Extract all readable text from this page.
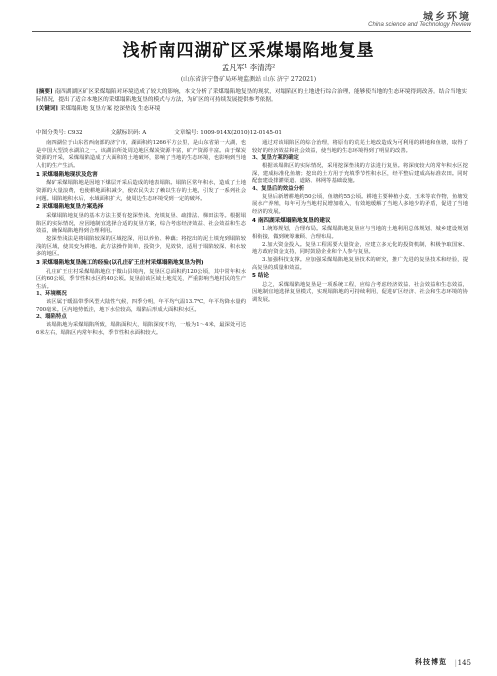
城乡环境
China science and Technology Review
浅析南四湖矿区采煤塌陷地复垦
孟凡军¹ 李清涛²
(山东省济宁鲁矿局环境监测站 山东 济宁 272021)
[摘要] 南四湖湖区矿区采煤塌陷对环境造成了较大的影响，本文分析了采煤塌陷地复垦的现状，对塌陷区的土地进行综合治理，能够使当地的生态环境得到改善。结合当地实际情况，提出了适合本地区的采煤塌陷地复垦的模式与方法，为矿区的可持续发展提供参考依据。
[关键词] 采煤塌陷地 复垦方案 挖深垫浅 生态环境
中图分类号: C932	文献标识码: A	文章编号: 1009-914X(2010)12-0145-01

南四湖位于山东省西南部的济宁市，湖面积约1266平方公里，是山东省第一大湖，也是中国大型淡水湖泊之一。该湖泊所处周边地区煤炭资源丰富，矿产资源丰富。由于煤炭资源的开采，采煤塌陷造成了大面积的土地破坏，影响了当地的生态环境，也影响到当地人们的生产生活。

1 采煤塌陷地现状及危害

煤矿采煤塌陷地是因地下煤层开采后造成的地表塌陷。塌陷区常年积水，造成了土地资源的大量浪费，也使耕地面积减少，使农民失去了赖以生存的土地，引发了一系列社会问题。塌陷地积水后，水域面积扩大，使周边生态环境受到一定的破坏。

2 采煤塌陷地复垦方案选择

采煤塌陷地复垦的基本方法主要有挖深垫浅、充填复垦、疏排法、梯田法等。根据塌陷区的实际情况，应因地制宜选择合适的复垦方案，综合考虑经济效益、社会效益和生态效益，确保塌陷地得到合理利用。

挖深垫浅法是将塌陷较深的区域挖深，用以养鱼、种藕；将挖出的泥土填充到塌陷较浅的区域，使其变为耕地。此方法操作简单，投资少，见效快，适用于塌陷较深、积水较多的地区。

3 采煤塌陷地复垦施工的经验(以孔庄矿王庄村采煤塌陷地复垦为例)

孔庄矿王庄村采煤塌陷地位于微山县境内，复垦区总面积约120公顷，其中常年积水区约60公顷，季节性积水区约40公顷。复垦前该区域土地荒芜，严重影响当地村民的生产生活。

1、环境概况

该区属于暖温带季风型大陆性气候，四季分明，年平均气温13.7℃，年平均降水量约700毫米。区内地势低洼，地下水位较高，塌陷后形成大面积积水区。

2、塌陷特点

该塌陷地为采煤塌陷所致，塌陷面积大，塌陷深度不均，一般为1～4米，最深处可达6米左右，塌陷区内常年积水，季节性积水面积较大。

通过对该塌陷区的综合治理，将原有的荒芜土地改造成为可利用的耕地和鱼塘，取得了较好的经济效益和社会效益，使当地的生态环境得到了明显的改善。

3、复垦方案的确定

根据该塌陷区的实际情况，采用挖深垫浅的方法进行复垦。将深度较大的常年积水区挖深，建成标准化鱼塘；挖出的土方用于充填季节性积水区，经平整后建成高标准农田。同时配套建设排灌渠道、道路、林网等基础设施。

4、复垦后的效益分析

复垦后新增耕地约50公顷，鱼塘约55公顷。耕地主要种植小麦、玉米等农作物，鱼塘发展水产养殖，每年可为当地村民增加收入，有效地缓解了当地人多地少的矛盾，促进了当地经济的发展。

4 南四湖采煤塌陷地复垦的建议

1.统筹规划，合理布局。采煤塌陷地复垦应与当地的土地利用总体规划、城乡建设规划相衔接，做到统筹兼顾、合理布局。

2.加大资金投入。复垦工程需要大量资金，应建立多元化的投资机制，积极争取国家、地方政府资金支持，同时鼓励企业和个人参与复垦。

3.加强科技支撑。应加强采煤塌陷地复垦技术的研究，推广先进的复垦技术和经验，提高复垦的质量和效益。

5 结论

总之，采煤塌陷地复垦是一项系统工程，应综合考虑经济效益、社会效益和生态效益，因地制宜地选择复垦模式，实现塌陷地的可持续利用，促进矿区经济、社会和生态环境的协调发展。

科技博览 | 145
